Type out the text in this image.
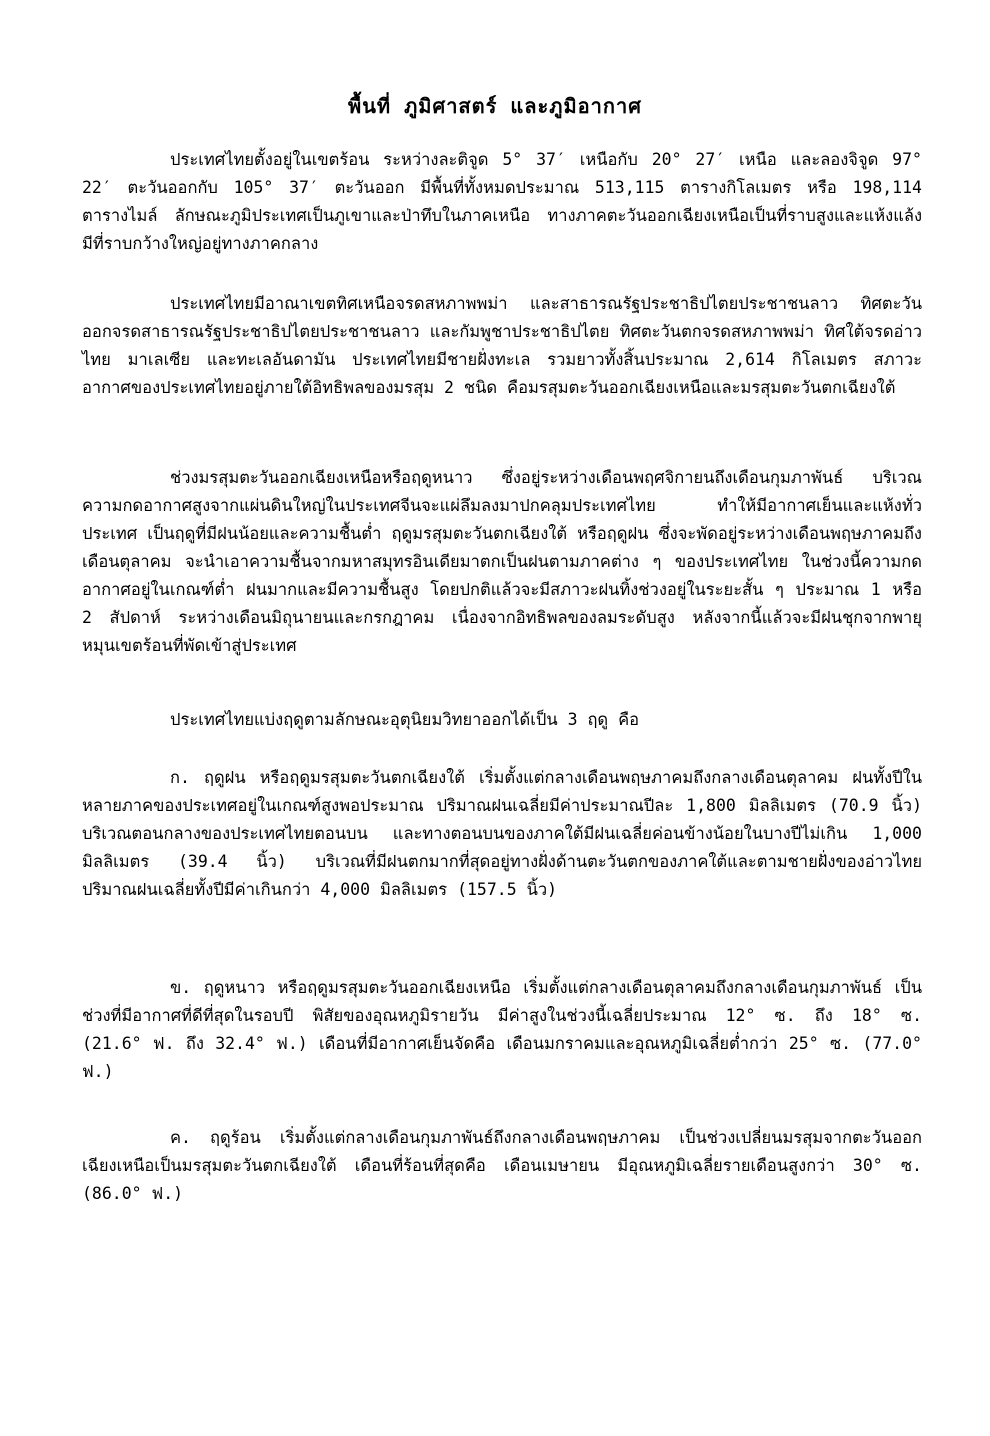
พื้นที่ ภูมิศาสตร์ และภูมิอากาศ
ประเทศไทยตั้งอยู่ในเขตร้อน ระหว่างละติจูด 5° 37′ เหนือกับ 20° 27′ เหนือ และลองจิจูด 97° 22′ ตะวันออกกับ 105° 37′ ตะวันออก มีพื้นที่ทั้งหมดประมาณ 513,115 ตารางกิโลเมตร หรือ 198,114 ตารางไมล์ ลักษณะภูมิประเทศเป็นภูเขาและป่าทึบในภาคเหนือ ทางภาคตะวันออกเฉียงเหนือเป็นที่ราบสูงและแห้งแล้ง มีที่ราบกว้างใหญ่อยู่ทางภาคกลาง
ประเทศไทยมีอาณาเขตทิศเหนือจรดสหภาพพม่า และสาธารณรัฐประชาธิปไตยประชาชนลาว ทิศตะวันออกจรดสาธารณรัฐประชาธิปไตยประชาชนลาว และกัมพูชาประชาธิปไตย ทิศตะวันตกจรดสหภาพพม่า ทิศใต้จรดอ่าวไทย มาเลเซีย และทะเลอันดามัน ประเทศไทยมีชายฝั่งทะเล รวมยาวทั้งสิ้นประมาณ 2,614 กิโลเมตร สภาวะอากาศของประเทศไทยอยู่ภายใต้อิทธิพลของมรสุม 2 ชนิด คือมรสุมตะวันออกเฉียงเหนือและมรสุมตะวันตกเฉียงใต้
ช่วงมรสุมตะวันออกเฉียงเหนือหรือฤดูหนาว ซึ่งอยู่ระหว่างเดือนพฤศจิกายนถึงเดือนกุมภาพันธ์ บริเวณความกดอากาศสูงจากแผ่นดินใหญ่ในประเทศจีนจะแผ่ลึมลงมาปกคลุมประเทศไทย ทำให้มีอากาศเย็นและแห้งทั่วประเทศ เป็นฤดูที่มีฝนน้อยและความชื้นต่ำ ฤดูมรสุมตะวันตกเฉียงใต้ หรือฤดูฝน ซึ่งจะพัดอยู่ระหว่างเดือนพฤษภาคมถึงเดือนตุลาคม จะนำเอาความชื้นจากมหาสมุทรอินเดียมาตกเป็นฝนตามภาคต่าง ๆ ของประเทศไทย ในช่วงนี้ความกดอากาศอยู่ในเกณฑ์ต่ำ ฝนมากและมีความชื้นสูง โดยปกติแล้วจะมีสภาวะฝนทิ้งช่วงอยู่ในระยะสั้น ๆ ประมาณ 1 หรือ 2 สัปดาห์ ระหว่างเดือนมิถุนายนและกรกฎาคม เนื่องจากอิทธิพลของลมระดับสูง หลังจากนี้แล้วจะมีฝนชุกจากพายุหมุนเขตร้อนที่พัดเข้าสู่ประเทศ
ประเทศไทยแบ่งฤดูตามลักษณะอุตุนิยมวิทยาออกได้เป็น 3 ฤดู คือ
ก. ฤดูฝน หรือฤดูมรสุมตะวันตกเฉียงใต้ เริ่มตั้งแต่กลางเดือนพฤษภาคมถึงกลางเดือนตุลาคม ฝนทั้งปีในหลายภาคของประเทศอยู่ในเกณฑ์สูงพอประมาณ ปริมาณฝนเฉลี่ยมีค่าประมาณปีละ 1,800 มิลลิเมตร (70.9 นิ้ว) บริเวณตอนกลางของประเทศไทยตอนบน และทางตอนบนของภาคใต้มีฝนเฉลี่ยค่อนข้างน้อยในบางปีไม่เกิน 1,000 มิลลิเมตร (39.4 นิ้ว) บริเวณที่มีฝนตกมากที่สุดอยู่ทางฝั่งด้านตะวันตกของภาคใต้และตามชายฝั่งของอ่าวไทย ปริมาณฝนเฉลี่ยทั้งปีมีค่าเกินกว่า 4,000 มิลลิเมตร (157.5 นิ้ว)
ข. ฤดูหนาว หรือฤดูมรสุมตะวันออกเฉียงเหนือ เริ่มตั้งแต่กลางเดือนตุลาคมถึงกลางเดือนกุมภาพันธ์ เป็นช่วงที่มีอากาศที่ดีที่สุดในรอบปี พิสัยของอุณหภูมิรายวัน มีค่าสูงในช่วงนี้เฉลี่ยประมาณ 12° ซ. ถึง 18° ซ. (21.6° ฟ. ถึง 32.4° ฟ.) เดือนที่มีอากาศเย็นจัดคือ เดือนมกราคมและอุณหภูมิเฉลี่ยต่ำกว่า 25° ซ. (77.0° ฟ.)
ค. ฤดูร้อน เริ่มตั้งแต่กลางเดือนกุมภาพันธ์ถึงกลางเดือนพฤษภาคม เป็นช่วงเปลี่ยนมรสุมจากตะวันออกเฉียงเหนือเป็นมรสุมตะวันตกเฉียงใต้ เดือนที่ร้อนที่สุดคือ เดือนเมษายน มีอุณหภูมิเฉลี่ยรายเดือนสูงกว่า 30° ซ. (86.0° ฟ.)
